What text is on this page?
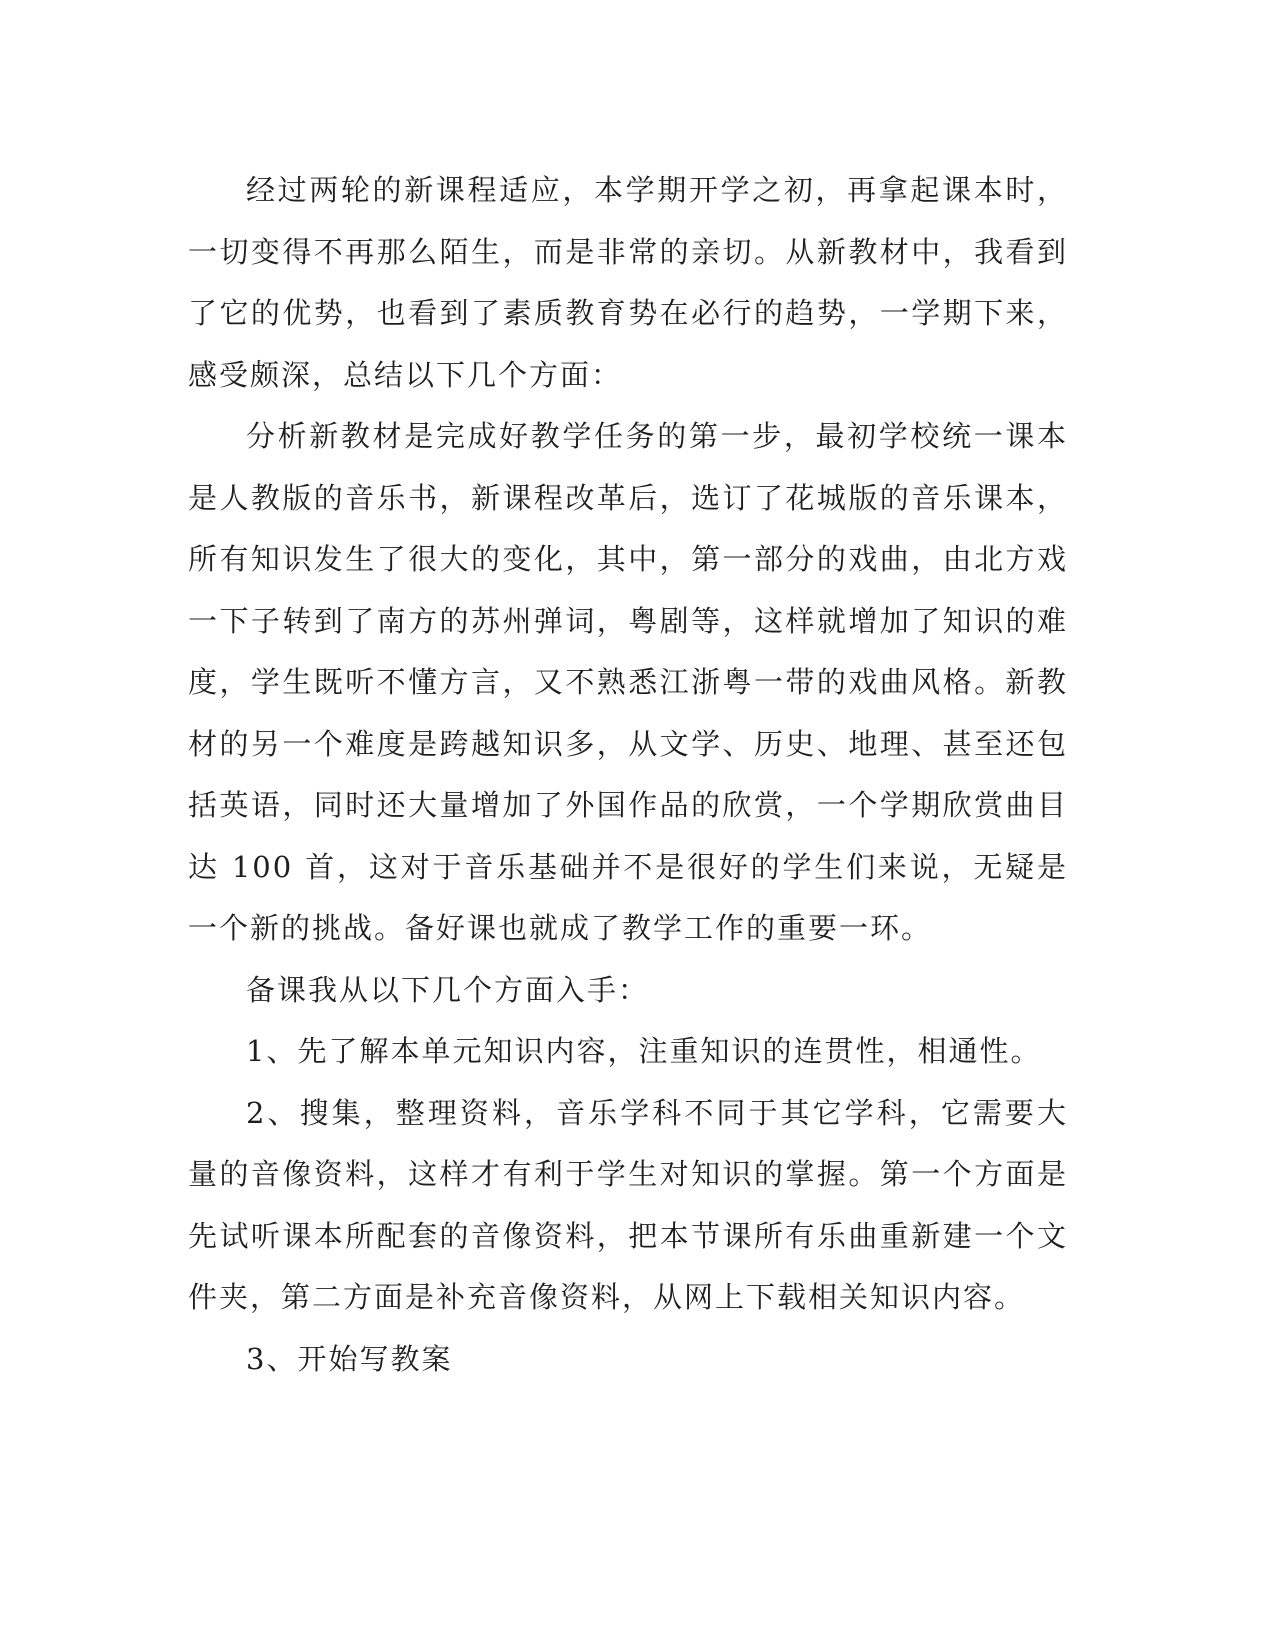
经过两轮的新课程适应，本学期开学之初，再拿起课本时，一切变得不再那么陌生，而是非常的亲切。从新教材中，我看到了它的优势，也看到了素质教育势在必行的趋势，一学期下来，感受颇深，总结以下几个方面：

分析新教材是完成好教学任务的第一步，最初学校统一课本是人教版的音乐书，新课程改革后，选订了花城版的音乐课本，所有知识发生了很大的变化，其中，第一部分的戏曲，由北方戏一下子转到了南方的苏州弹词，粤剧等，这样就增加了知识的难度，学生既听不懂方言，又不熟悉江浙粤一带的戏曲风格。新教材的另一个难度是跨越知识多，从文学、历史、地理、甚至还包括英语，同时还大量增加了外国作品的欣赏，一个学期欣赏曲目达 100 首，这对于音乐基础并不是很好的学生们来说，无疑是一个新的挑战。备好课也就成了教学工作的重要一环。

备课我从以下几个方面入手：

1、先了解本单元知识内容，注重知识的连贯性，相通性。

2、搜集，整理资料，音乐学科不同于其它学科，它需要大量的音像资料，这样才有利于学生对知识的掌握。第一个方面是先试听课本所配套的音像资料，把本节课所有乐曲重新建一个文件夹，第二方面是补充音像资料，从网上下载相关知识内容。

3、开始写教案
